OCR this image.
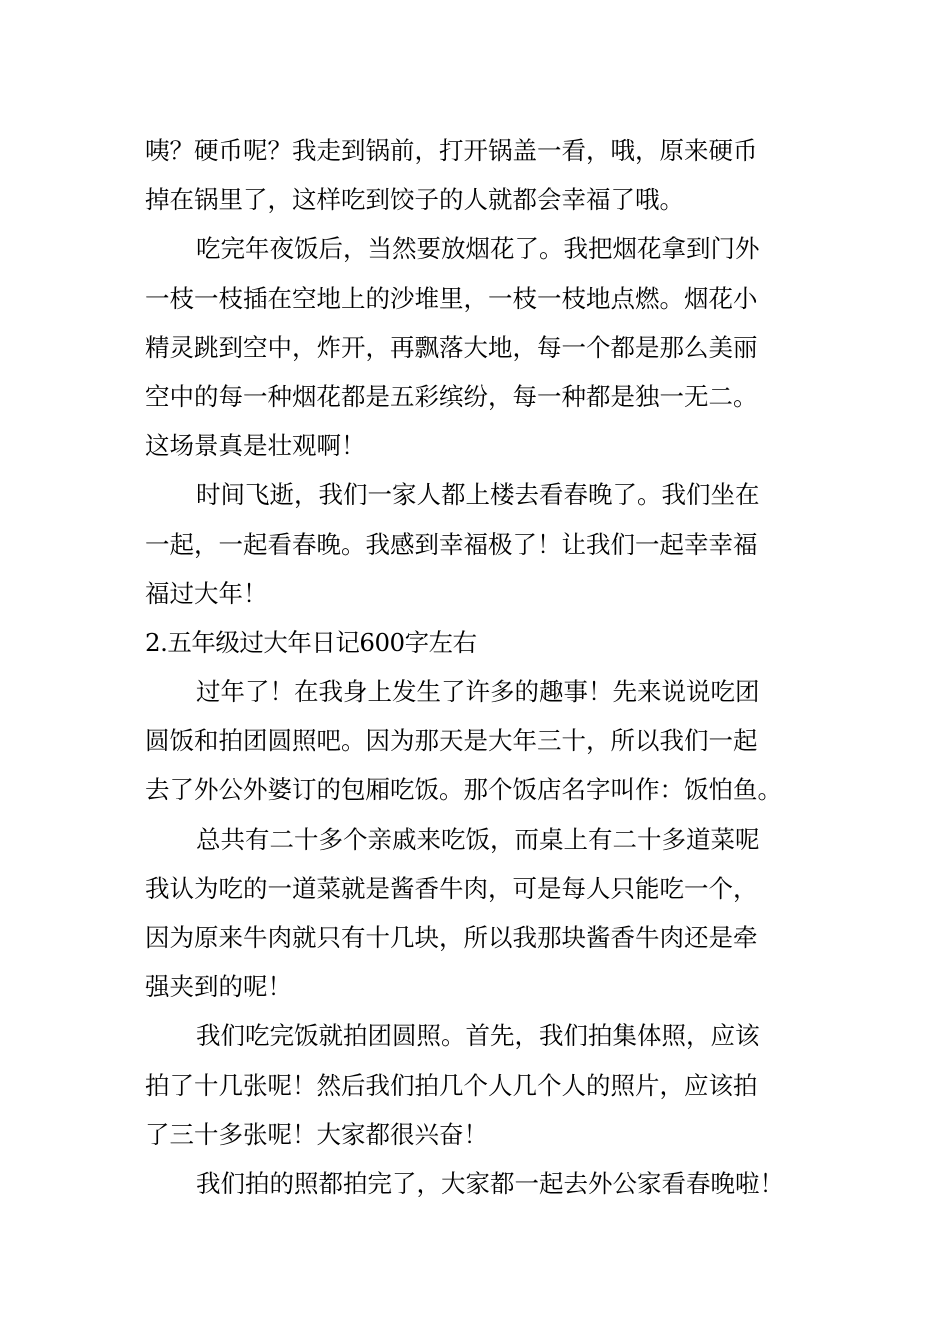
咦？硬币呢？我走到锅前，打开锅盖一看，哦，原来硬币
掉在锅里了，这样吃到饺子的人就都会幸福了哦。
吃完年夜饭后，当然要放烟花了。我把烟花拿到门外
一枝一枝插在空地上的沙堆里，一枝一枝地点燃。烟花小
精灵跳到空中，炸开，再飘落大地，每一个都是那么美丽
空中的每一种烟花都是五彩缤纷，每一种都是独一无二。
这场景真是壮观啊！
时间飞逝，我们一家人都上楼去看春晚了。我们坐在
一起，一起看春晚。我感到幸福极了！让我们一起幸幸福
福过大年！
2.五年级过大年日记600字左右
过年了！在我身上发生了许多的趣事！先来说说吃团
圆饭和拍团圆照吧。因为那天是大年三十，所以我们一起
去了外公外婆订的包厢吃饭。那个饭店名字叫作：饭怕鱼。
总共有二十多个亲戚来吃饭，而桌上有二十多道菜呢
我认为吃的一道菜就是酱香牛肉，可是每人只能吃一个，
因为原来牛肉就只有十几块，所以我那块酱香牛肉还是牵
强夹到的呢！
我们吃完饭就拍团圆照。首先，我们拍集体照，应该
拍了十几张呢！然后我们拍几个人几个人的照片，应该拍
了三十多张呢！大家都很兴奋！
我们拍的照都拍完了，大家都一起去外公家看春晚啦！
